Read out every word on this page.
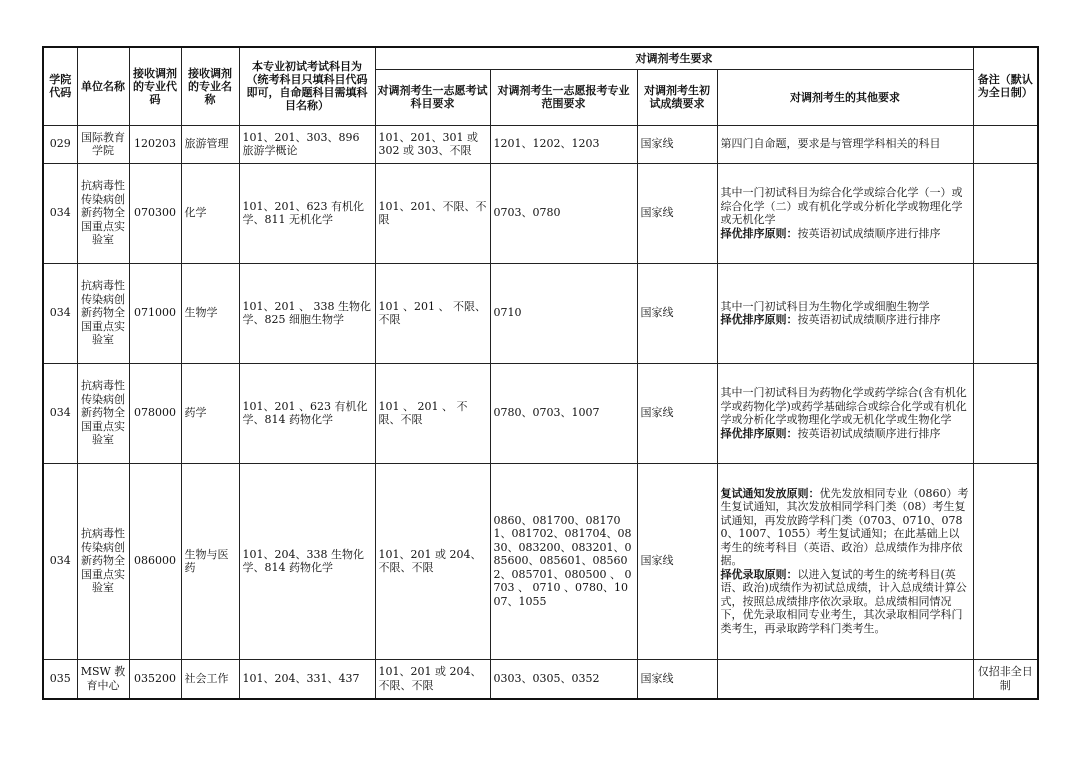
学院代码	单位名称	接收调剂的专业代码	接收调剂的专业名称	本专业初试考试科目为（统考科目只填科目代码即可，自命题科目需填科目名称）	对调剂考生要求				备注（默认为全日制）
					对调剂考生一志愿考试科目要求	对调剂考生一志愿报考专业范围要求	对调剂考生初试成绩要求	对调剂考生的其他要求	
029	国际教育学院	120203	旅游管理	101、201、303、896 旅游学概论	101、201、301 或 302 或 303、不限	1201、1202、1203	国家线	第四门自命题，要求是与管理学科相关的科目	

034	抗病毒性传染病创新药物全国重点实验室	070300	化学	101、201、623 有机化学、811 无机化学	101、201、不限、不限	0703、0780	国家线	其中一门初试科目为综合化学或综合化学（一）或综合化学（二）或有机化学或分析化学或物理化学或无机化学

择优排序原则：按英语初试成绩顺序进行排序	

034	抗病毒性传染病创新药物全国重点实验室	071000	生物学	101、201 、 338 生物化学、825 细胞生物学	101 、201 、 不限、不限	0710	国家线	其中一门初试科目为生物化学或细胞生物学

择优排序原则：按英语初试成绩顺序进行排序	

034	抗病毒性传染病创新药物全国重点实验室	078000	药学	101、201 、623 有机化学、814 药物化学	101 、 201 、 不限、不限	0780、0703、1007	国家线	其中一门初试科目为药物化学或药学综合(含有机化学或药物化学)或药学基础综合或综合化学或有机化学或分析化学或物理化学或无机化学或生物化学

择优排序原则：按英语初试成绩顺序进行排序	

034	抗病毒性传染病创新药物全国重点实验室	086000	生物与医药	101、204、338 生物化学、814 药物化学	101、201 或 204、不限、不限	0860、081700、081701、081702、081704、0830、083200、083201、085600、085601、085602、085701、080500 、 0703 、 0710 、0780、1007、1055	国家线	复试通知发放原则：优先发放相同专业（0860）考生复试通知，其次发放相同学科门类（08）考生复试通知，再发放跨学科门类（0703、0710、0780、1007、1055）考生复试通知；在此基础上以考生的统考科目（英语、政治）总成绩作为排序依据。

择优录取原则：以进入复试的考生的统考科目(英语、政治)成绩作为初试总成绩，计入总成绩计算公式，按照总成绩排序依次录取。总成绩相同情况下，优先录取相同专业考生，其次录取相同学科门类考生，再录取跨学科门类考生。	

035	MSW 教育中心	035200	社会工作	101、204、331、437	101、201 或 204、不限、不限	0303、0305、0352	国家线		仅招非全日制
